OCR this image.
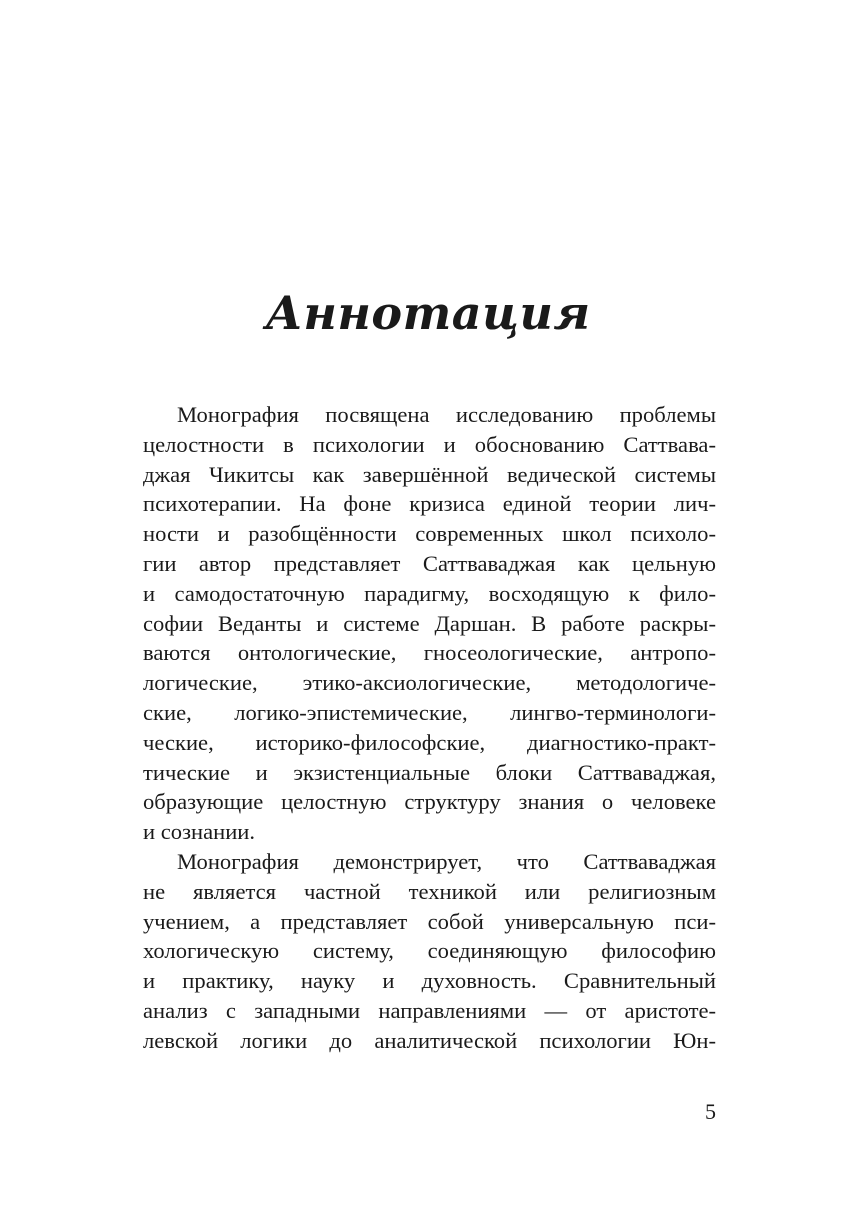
Аннотация
Монография посвящена исследованию проблемы
целостности в психологии и обоснованию Саттвава-
джая Чикитсы как завершённой ведической системы
психотерапии. На фоне кризиса единой теории лич-
ности и разобщённости современных школ психоло-
гии автор представляет Саттваваджая как цельную
и самодостаточную парадигму, восходящую к фило-
софии Веданты и системе Даршан. В работе раскры-
ваются онтологические, гносеологические, антропо-
логические, этико-аксиологические, методологиче-
ские, логико-эпистемические, лингво-терминологи-
ческие, историко-философские, диагностико-практ-
тические и экзистенциальные блоки Саттваваджая,
образующие целостную структуру знания о человеке
и сознании.
Монография демонстрирует, что Саттваваджая
не является частной техникой или религиозным
учением, а представляет собой универсальную пси-
хологическую систему, соединяющую философию
и практику, науку и духовность. Сравнительный
анализ с западными направлениями — от аристоте-
левской логики до аналитической психологии Юн-
5
